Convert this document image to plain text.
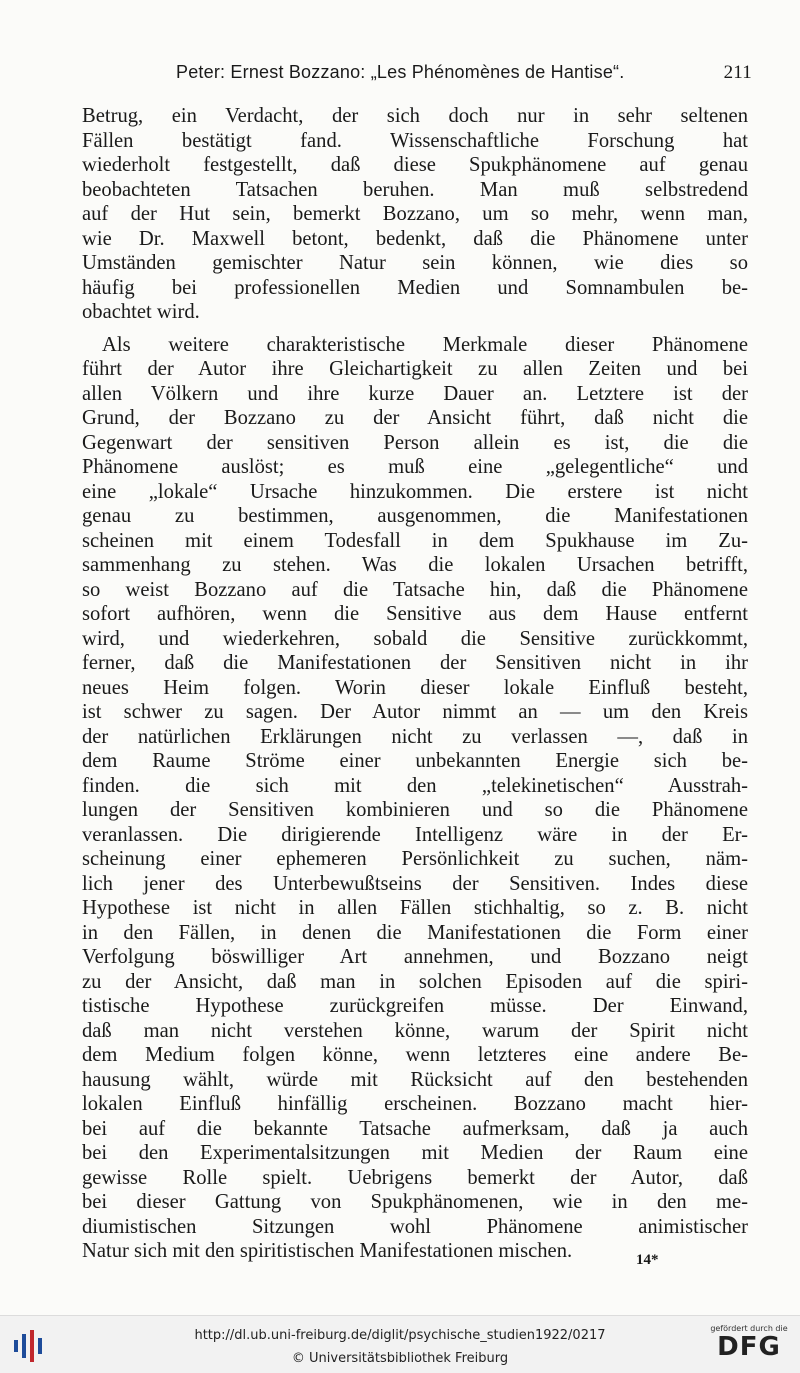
Peter: Ernest Bozzano: „Les Phénomènes de Hantise“.	211
Betrug, ein Verdacht, der sich doch nur in sehr seltenen
Fällen bestätigt fand. Wissenschaftliche Forschung hat
wiederholt festgestellt, daß diese Spukphänomene auf genau
beobachteten Tatsachen beruhen. Man muß selbstredend
auf der Hut sein, bemerkt Bozzano, um so mehr, wenn man,
wie Dr. Maxwell betont, bedenkt, daß die Phänomene unter
Umständen gemischter Natur sein können, wie dies so
häufig bei professionellen Medien und Somnambulen be-
obachtet wird.
Als weitere charakteristische Merkmale dieser Phänomene
führt der Autor ihre Gleichartigkeit zu allen Zeiten und bei
allen Völkern und ihre kurze Dauer an. Letztere ist der
Grund, der Bozzano zu der Ansicht führt, daß nicht die
Gegenwart der sensitiven Person allein es ist, die die
Phänomene auslöst; es muß eine „gelegentliche“ und
eine „lokale“ Ursache hinzukommen. Die erstere ist nicht
genau zu bestimmen, ausgenommen, die Manifestationen
scheinen mit einem Todesfall in dem Spukhause im Zu-
sammenhang zu stehen. Was die lokalen Ursachen betrifft,
so weist Bozzano auf die Tatsache hin, daß die Phänomene
sofort aufhören, wenn die Sensitive aus dem Hause entfernt
wird, und wiederkehren, sobald die Sensitive zurückkommt,
ferner, daß die Manifestationen der Sensitiven nicht in ihr
neues Heim folgen. Worin dieser lokale Einfluß besteht,
ist schwer zu sagen. Der Autor nimmt an — um den Kreis
der natürlichen Erklärungen nicht zu verlassen —, daß in
dem Raume Ströme einer unbekannten Energie sich be-
finden. die sich mit den „telekinetischen“ Ausstrah-
lungen der Sensitiven kombinieren und so die Phänomene
veranlassen. Die dirigierende Intelligenz wäre in der Er-
scheinung einer ephemeren Persönlichkeit zu suchen, näm-
lich jener des Unterbewußtseins der Sensitiven. Indes diese
Hypothese ist nicht in allen Fällen stichhaltig, so z. B. nicht
in den Fällen, in denen die Manifestationen die Form einer
Verfolgung böswilliger Art annehmen, und Bozzano neigt
zu der Ansicht, daß man in solchen Episoden auf die spiri-
tistische Hypothese zurückgreifen müsse. Der Einwand,
daß man nicht verstehen könne, warum der Spirit nicht
dem Medium folgen könne, wenn letzteres eine andere Be-
hausung wählt, würde mit Rücksicht auf den bestehenden
lokalen Einfluß hinfällig erscheinen. Bozzano macht hier-
bei auf die bekannte Tatsache aufmerksam, daß ja auch
bei den Experimentalsitzungen mit Medien der Raum eine
gewisse Rolle spielt. Uebrigens bemerkt der Autor, daß
bei dieser Gattung von Spukphänomenen, wie in den me-
diumistischen Sitzungen wohl Phänomene animistischer
Natur sich mit den spiritistischen Manifestationen mischen.	14*
http://dl.ub.uni-freiburg.de/diglit/psychische_studien1922/0217
© Universitätsbibliothek Freiburg
gefördert durch die
DFG
